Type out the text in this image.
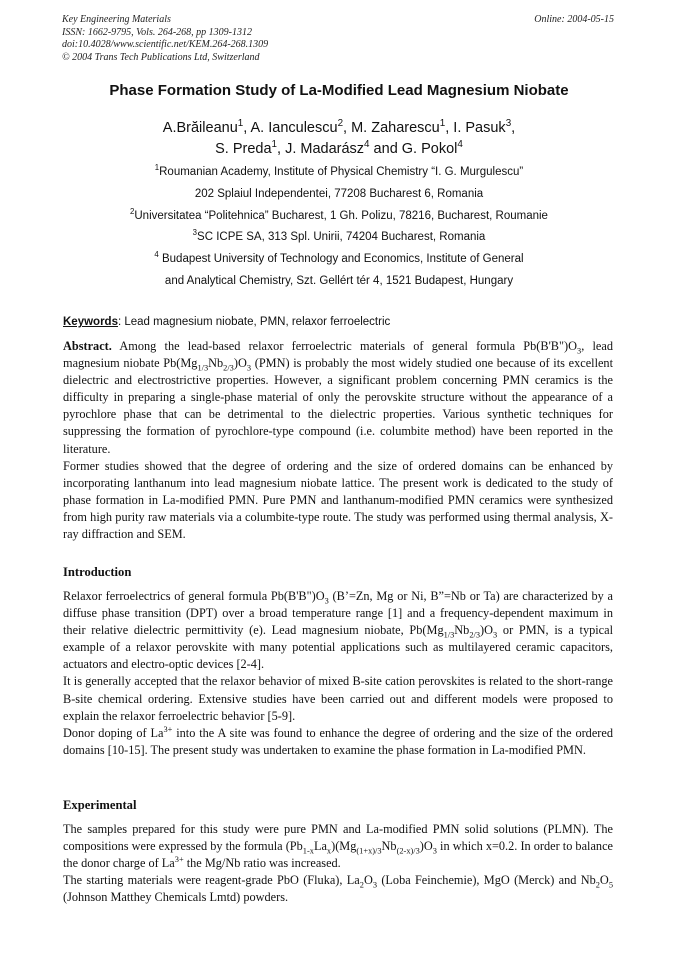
Key Engineering Materials
ISSN: 1662-9795, Vols. 264-268, pp 1309-1312
doi:10.4028/www.scientific.net/KEM.264-268.1309
© 2004 Trans Tech Publications Ltd, Switzerland
Online: 2004-05-15
Phase Formation Study of La-Modified Lead Magnesium Niobate
A.Brăileanu$^1$, A. Ianculescu$^2$, M. Zaharescu$^1$, I. Pasuk$^3$,
S. Preda$^1$, J. Madarász$^4$ and G. Pokol$^4$
$^1$Roumanian Academy, Institute of Physical Chemistry “I. G. Murgulescu”
202 Splaiul Independentei, 77208 Bucharest 6, Romania
$^2$Universitatea “Politehnica” Bucharest, 1 Gh. Polizu, 78216, Bucharest, Roumanie
$^3$SC ICPE SA, 313 Spl. Unirii, 74204 Bucharest, Romania
$^4$ Budapest University of Technology and Economics, Institute of General
and Analytical Chemistry, Szt. Gellért tér 4, 1521 Budapest, Hungary
Keywords: Lead magnesium niobate, PMN, relaxor ferroelectric

Abstract. Among the lead-based relaxor ferroelectric materials of general formula $Pb(B'B")O_3$, lead magnesium niobate $Pb(Mg_{1/3}Nb_{2/3})O_3$ (PMN) is probably the most widely studied one because of its excellent dielectric and electrostrictive properties. However, a significant problem concerning PMN ceramics is the difficulty in preparing a single-phase material of only the perovskite structure without the appearance of a pyrochlore phase that can be detrimental to the dielectric properties. Various synthetic techniques for suppressing the formation of pyrochlore-type compound (i.e. columbite method) have been reported in the literature.

Former studies showed that the degree of ordering and the size of ordered domains can be enhanced by incorporating lanthanum into lead magnesium niobate lattice. The present work is dedicated to the study of phase formation in La-modified PMN. Pure PMN and lanthanum-modified PMN ceramics were synthesized from high purity raw materials via a columbite-type route. The study was performed using thermal analysis, X-ray diffraction and SEM.

Introduction

Relaxor ferroelectrics of general formula $Pb(B'B")O_3$ (B’=Zn, Mg or Ni, B”=Nb or Ta) are characterized by a diffuse phase transition (DPT) over a broad temperature range [1] and a frequency-dependent maximum in their relative dielectric permittivity (e). Lead magnesium niobate, $Pb(Mg_{1/3}Nb_{2/3})O_3$ or PMN, is a typical example of a relaxor perovskite with many potential applications such as multilayered ceramic capacitors, actuators and electro-optic devices [2-4].

It is generally accepted that the relaxor behavior of mixed B-site cation perovskites is related to the short-range B-site chemical ordering. Extensive studies have been carried out and different models were proposed to explain the relaxor ferroelectric behavior [5-9].

Donor doping of $La^{3+}$ into the A site was found to enhance the degree of ordering and the size of the ordered domains [10-15]. The present study was undertaken to examine the phase formation in La-modified PMN.

Experimental

The samples prepared for this study were pure PMN and La-modified PMN solid solutions (PLMN). The compositions were expressed by the formula $(Pb_{1-x}La_x)(Mg_{(1+x)/3}Nb_{(2-x)/3})O_3$ in which x=0.2. In order to balance the donor charge of $La^{3+}$ the Mg/Nb ratio was increased.

The starting materials were reagent-grade PbO (Fluka), $La_2O_3$ (Loba Feinchemie), MgO (Merck) and $Nb_2O_5$ (Johnson Matthey Chemicals Lmtd) powders.
